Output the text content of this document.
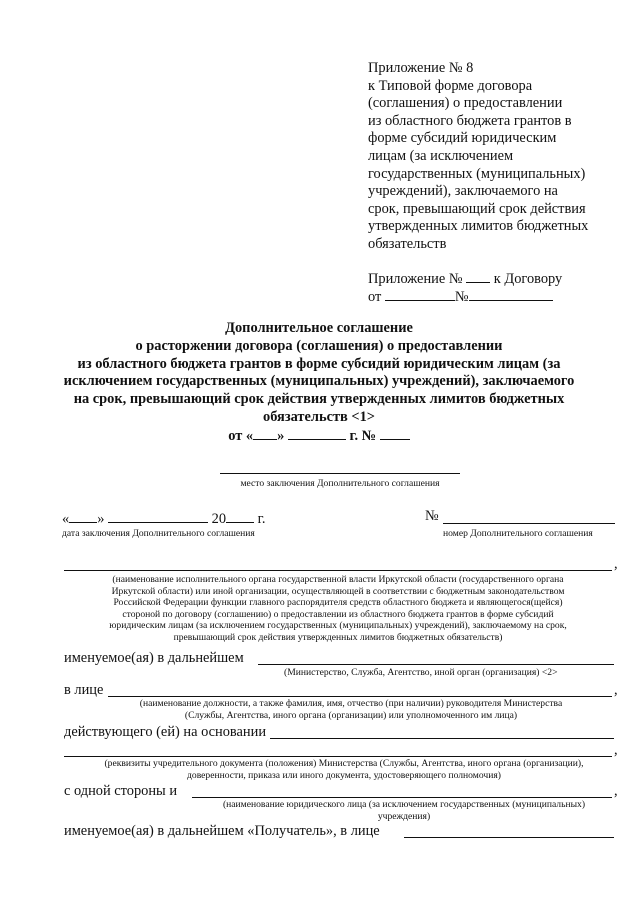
Приложение № 8
к Типовой форме договора
(соглашения) о предоставлении
из областного бюджета грантов в
форме субсидий юридическим
лицам (за исключением
государственных (муниципальных)
учреждений), заключаемого на
срок, превышающий срок действия
утвержденных лимитов бюджетных
обязательств
Приложение № к Договору
от	№
Дополнительное соглашение
о расторжении договора (соглашения) о предоставлении
из областного бюджета грантов в форме субсидий юридическим лицам (за
исключением государственных (муниципальных) учреждений), заключаемого
на срок, превышающий срок действия утвержденных лимитов бюджетных
обязательств <1>
от « »	г. №
место заключения Дополнительного соглашения
« »	20 г.
дата заключения Дополнительного соглашения
№
номер Дополнительного соглашения
,
(наименование исполнительного органа государственной власти Иркутской области (государственного органа
Иркутской области) или иной организации, осуществляющей в соответствии с бюджетным законодательством
Российской Федерации функции главного распорядителя средств областного бюджета и являющегося(щейся)
стороной по договору (соглашению) о предоставлении из областного бюджета грантов в форме субсидий
юридическим лицам (за исключением государственных (муниципальных) учреждений), заключаемому на срок,
превышающий срок действия утвержденных лимитов бюджетных обязательств)
именуемое(ая) в дальнейшем
(Министерство, Служба, Агентство, иной орган (организация) <2>
в лице	,
(наименование должности, а также фамилия, имя, отчество (при наличии) руководителя Министерства
(Службы, Агентства, иного органа (организации) или уполномоченного им лица)
действующего (ей) на основании
,
(реквизиты учредительного документа (положения) Министерства (Службы, Агентства, иного органа (организации),
доверенности, приказа или иного документа, удостоверяющего полномочия)
с одной стороны и	,
(наименование юридического лица (за исключением государственных (муниципальных)
учреждения)
именуемое(ая) в дальнейшем «Получатель», в лице
